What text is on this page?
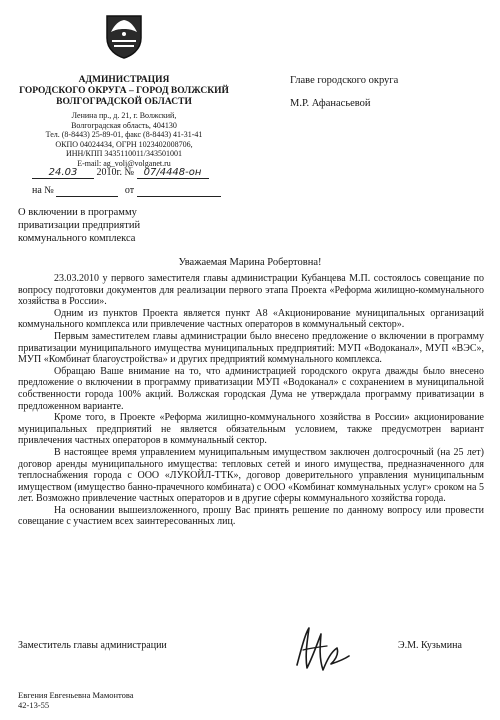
АДМИНИСТРАЦИЯ
ГОРОДСКОГО ОКРУГА – ГОРОД ВОЛЖСКИЙ
ВОЛГОГРАДСКОЙ ОБЛАСТИ
Ленина пр., д. 21, г. Волжский,
Волгоградская область, 404130
Тел. (8-8443) 25-89-01, факс (8-8443) 41-31-41
ОКПО 04024434, ОГРН 1023402008706,
ИНН/КПП 3435110011/343501001
E-mail: ag_volj@volganet.ru
24.03 2010г. № 07/4448-он
на №	от
Главе городского округа
М.Р. Афанасьевой
О включении в программу
приватизации предприятий
коммунального комплекса
Уважаемая Марина Робертовна!

23.03.2010 у первого заместителя главы администрации Кубанцева М.П. состоялось совещание по вопросу подготовки документов для реализации первого этапа Проекта «Реформа жилищно-коммунального хозяйства в России».

Одним из пунктов Проекта является пункт А8 «Акционирование муниципальных организаций коммунального комплекса или привлечение частных операторов в коммунальный сектор».

Первым заместителем главы администрации было внесено предложение о включении в программу приватизации муниципального имущества муниципальных предприятий: МУП «Водоканал», МУП «ВЭС», МУП «Комбинат благоустройства» и других предприятий коммунального комплекса.

Обращаю Ваше внимание на то, что администрацией городского округа дважды было внесено предложение о включении в программу приватизации МУП «Водоканал» с сохранением в муниципальной собственности города 100% акций. Волжская городская Дума не утверждала программу приватизации в предложенном варианте.

Кроме того, в Проекте «Реформа жилищно-коммунального хозяйства в России» акционирование муниципальных предприятий не является обязательным условием, также предусмотрен вариант привлечения частных операторов в коммунальный сектор.

В настоящее время управлением муниципальным имуществом заключен долгосрочный (на 25 лет) договор аренды муниципального имущества: тепловых сетей и иного имущества, предназначенного для теплоснабжения города с ООО «ЛУКОЙЛ-ТТК», договор доверительного управления муниципальным имуществом (имущество банно-прачечного комбината) с ООО «Комбинат коммунальных услуг» сроком на 5 лет. Возможно привлечение частных операторов и в другие сферы коммунального хозяйства города.

На основании вышеизложенного, прошу Вас принять решение по данному вопросу или провести совещание с участием всех заинтересованных лиц.

Заместитель главы администрации	Э.М. Кузьмина
Евгения Евгеньевна Мамонтова
42-13-55
